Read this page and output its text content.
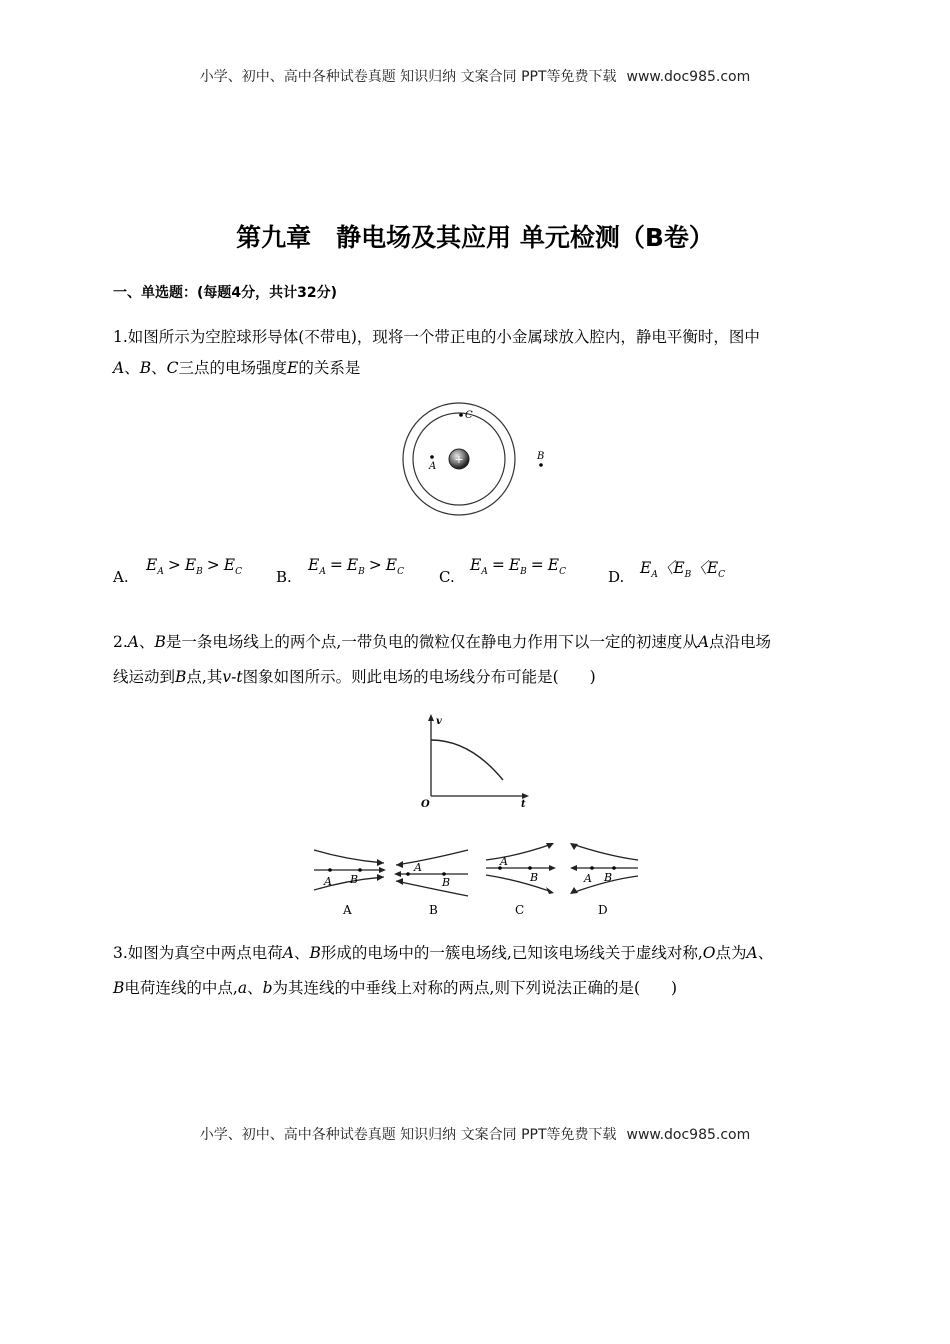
小学、初中、高中各种试卷真题 知识归纳 文案合同 PPT等免费下载 www.doc985.com
第九章　静电场及其应用 单元检测（B卷）
一、单选题：(每题4分，共计32分)
1.如图所示为空腔球形导体(不带电)，现将一个带正电的小金属球放入腔内，静电平衡时，图中
A、B、C三点的电场强度E的关系是
+
C
A
B
A.
$E_A > E_B > E_C$ B.
$E_A = E_B > E_C$ C.
$E_A = E_B = E_C$	D. $E_A$〈$E_B$〈$E_C$
2.A、B是一条电场线上的两个点,一带负电的微粒仅在静电力作用下以一定的初速度从A点沿电场
线运动到B点,其v-t图象如图所示。则此电场的电场线分布可能是(　　)
v
t
O
A B
A
A
B
B
A
B
C
A B
D
3.如图为真空中两点电荷A、B形成的电场中的一簇电场线,已知该电场线关于虚线对称,O点为A、
B电荷连线的中点,a、b为其连线的中垂线上对称的两点,则下列说法正确的是(　　)
小学、初中、高中各种试卷真题 知识归纳 文案合同 PPT等免费下载 www.doc985.com
